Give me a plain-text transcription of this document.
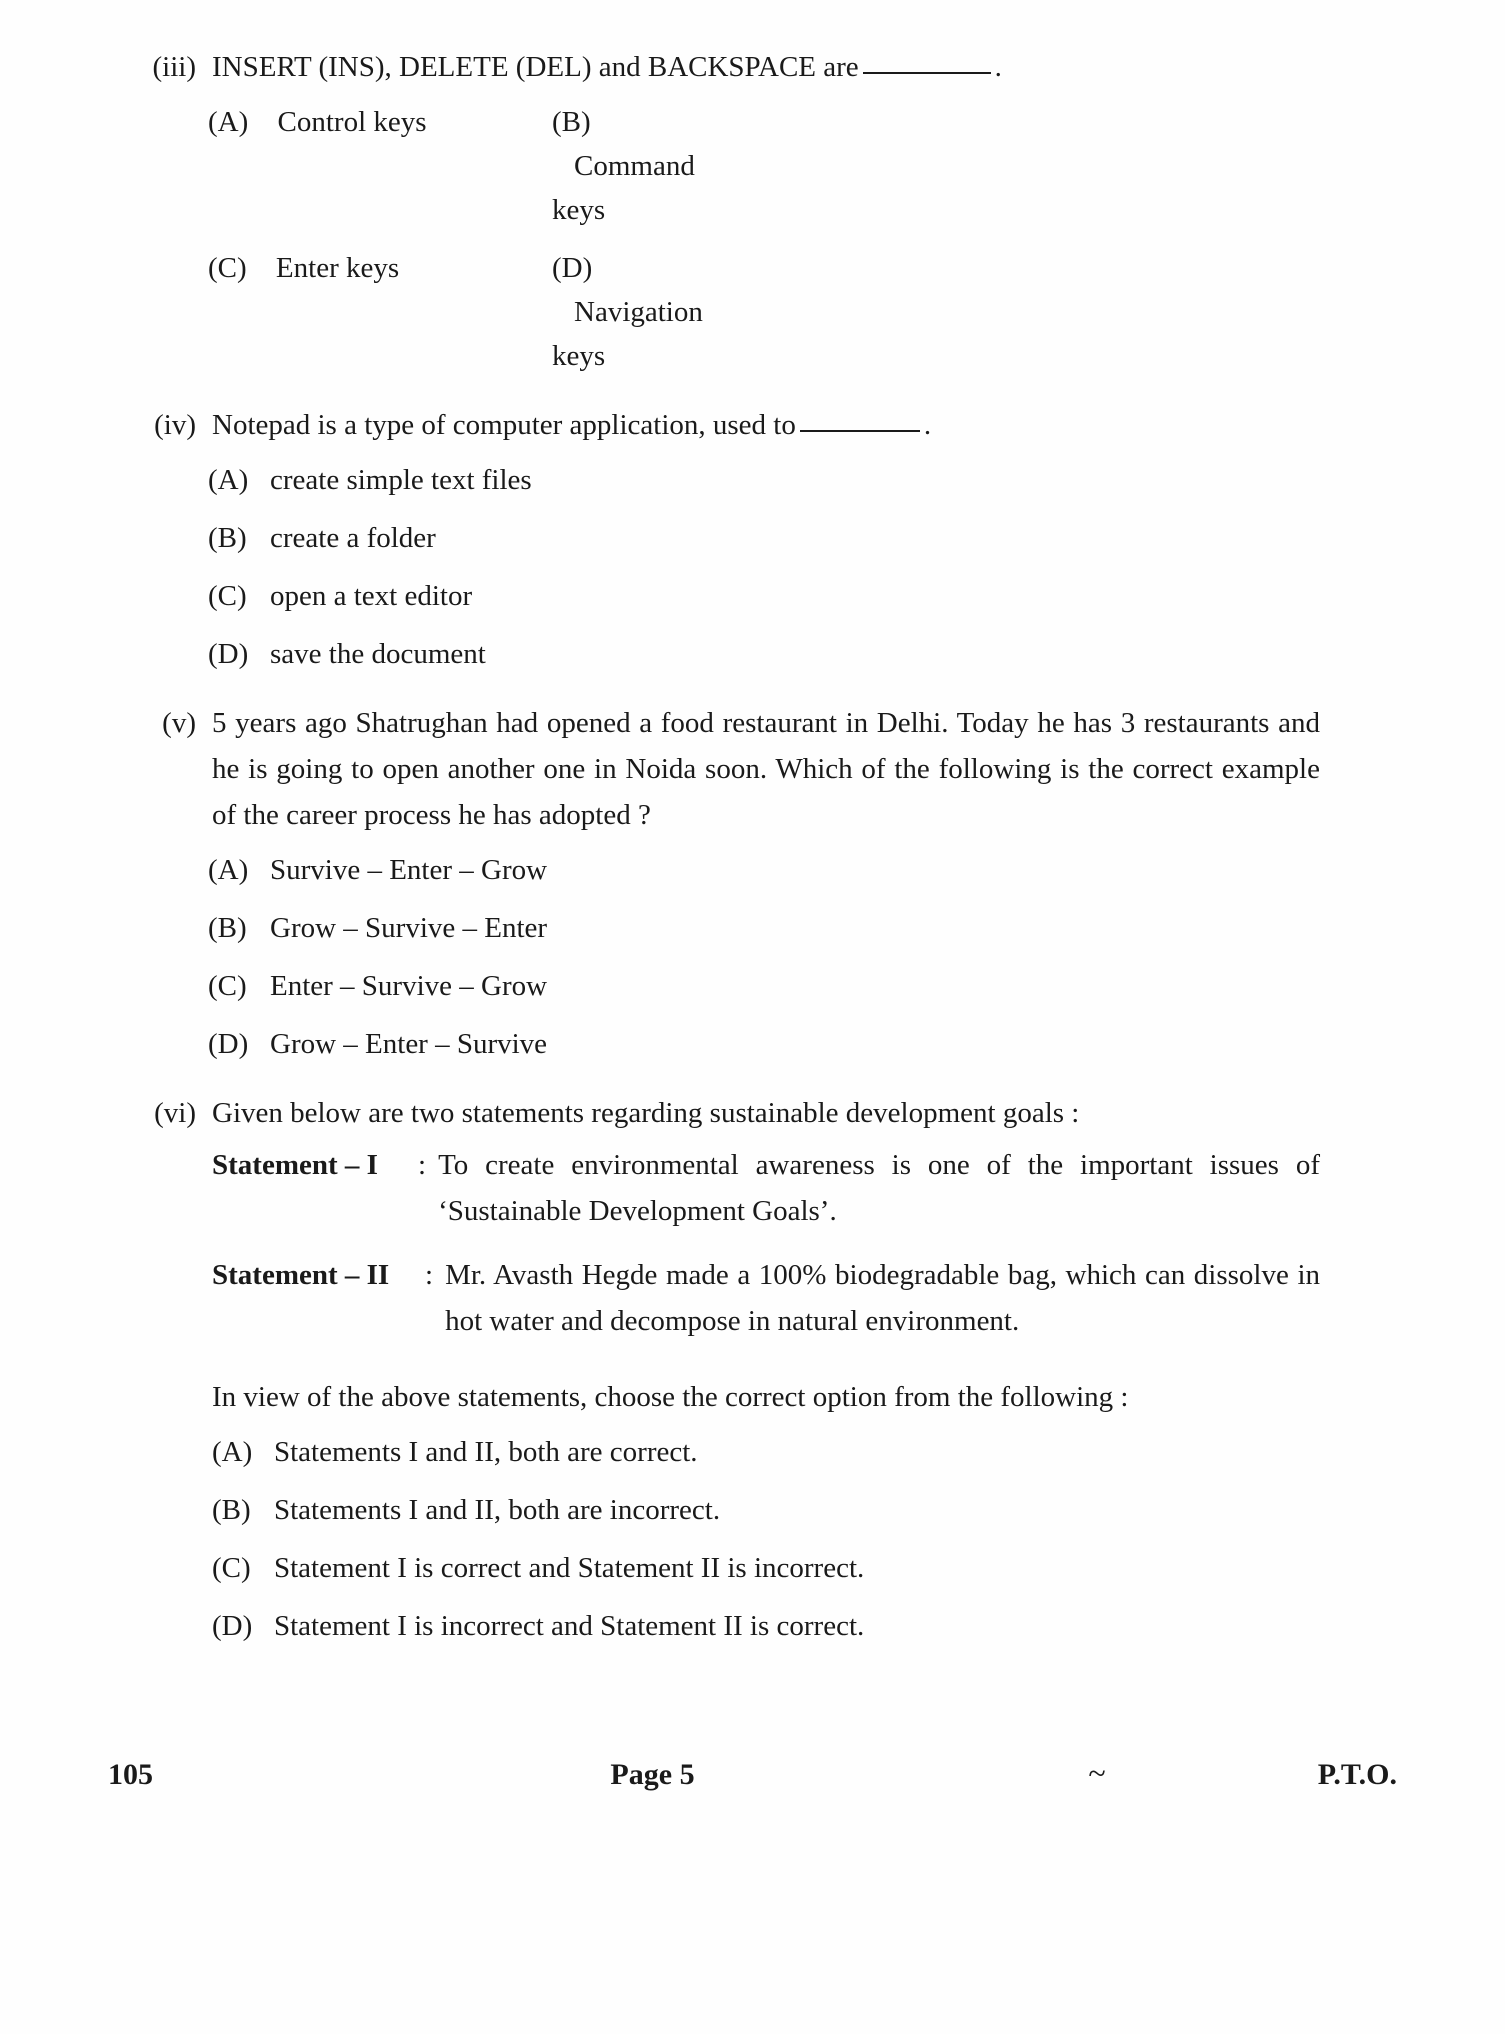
(iii) INSERT (INS), DELETE (DEL) and BACKSPACE are	.
(A) Control keys	(B) Command keys
(C) Enter keys	(D) Navigation keys
(iv) Notepad is a type of computer application, used to	.
(A) create simple text files
(B) create a folder
(C) open a text editor
(D) save the document
(v) 5 years ago Shatrughan had opened a food restaurant in Delhi. Today he has 3 restaurants and he is going to open another one in Noida soon. Which of the following is the correct example of the career process he has adopted ?
(A) Survive – Enter – Grow
(B) Grow – Survive – Enter
(C) Enter – Survive – Grow
(D) Grow – Enter – Survive
(vi) Given below are two statements regarding sustainable development goals :
Statement – I	: To create environmental awareness is one of the important issues of ‘Sustainable Development Goals’.
Statement – II	: Mr. Avasth Hegde made a 100% biodegradable bag, which can dissolve in hot water and decompose in natural environment.
In view of the above statements, choose the correct option from the following :
(A) Statements I and II, both are correct.
(B) Statements I and II, both are incorrect.
(C) Statement I is correct and Statement II is incorrect.
(D) Statement I is incorrect and Statement II is correct.
105	Page 5	~	P.T.O.
